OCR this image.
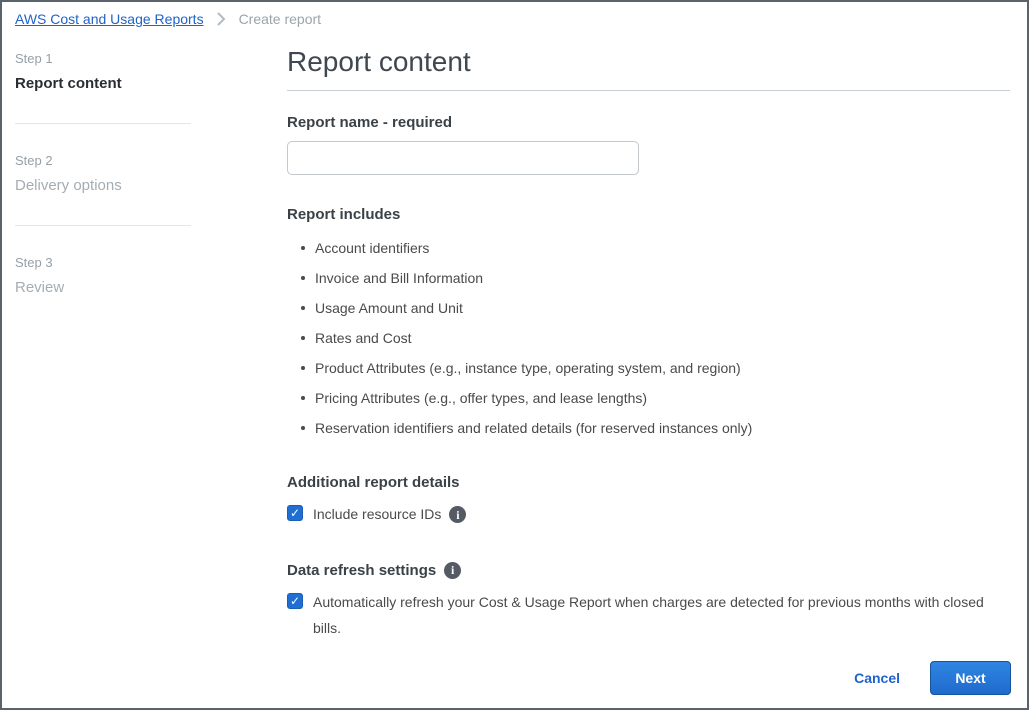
AWS Cost and Usage Reports	Create report
Step 1
Report content
Step 2
Delivery options
Step 3
Review
Report content
Report name - required
Report includes
Account identifiers
Invoice and Bill Information
Usage Amount and Unit
Rates and Cost
Product Attributes (e.g., instance type, operating system, and region)
Pricing Attributes (e.g., offer types, and lease lengths)
Reservation identifiers and related details (for reserved instances only)
Additional report details
✓ Include resource IDs	i
Data refresh settings	i
✓ Automatically refresh your Cost & Usage Report when charges are detected for previous months with closed bills.
Cancel	Next
